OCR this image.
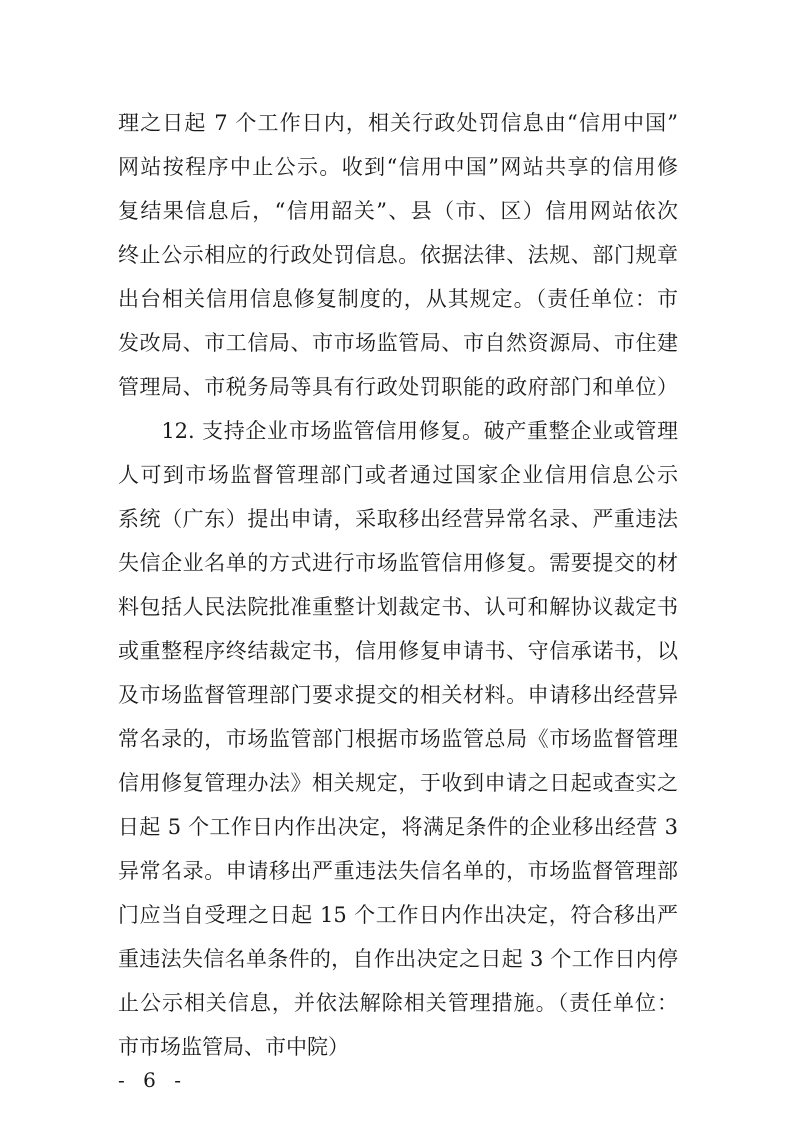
理之日起 7 个工作日内，相关行政处罚信息由“信用中国”
网站按程序中止公示。收到“信用中国”网站共享的信用修
复结果信息后，“信用韶关”、县（市、区）信用网站依次
终止公示相应的行政处罚信息。依据法律、法规、部门规章
出台相关信用信息修复制度的，从其规定。（责任单位：市
发改局、市工信局、市市场监管局、市自然资源局、市住建
管理局、市税务局等具有行政处罚职能的政府部门和单位）
　　12. 支持企业市场监管信用修复。破产重整企业或管理
人可到市场监督管理部门或者通过国家企业信用信息公示
系统（广东）提出申请，采取移出经营异常名录、严重违法
失信企业名单的方式进行市场监管信用修复。需要提交的材
料包括人民法院批准重整计划裁定书、认可和解协议裁定书
或重整程序终结裁定书，信用修复申请书、守信承诺书，以
及市场监督管理部门要求提交的相关材料。申请移出经营异
常名录的，市场监管部门根据市场监管总局《市场监督管理
信用修复管理办法》相关规定，于收到申请之日起或查实之
日起 5 个工作日内作出决定，将满足条件的企业移出经营 3
异常名录。申请移出严重违法失信名单的，市场监督管理部
门应当自受理之日起 15 个工作日内作出决定，符合移出严
重违法失信名单条件的，自作出决定之日起 3 个工作日内停
止公示相关信息，并依法解除相关管理措施。（责任单位：
市市场监管局、市中院）
- 6 -
